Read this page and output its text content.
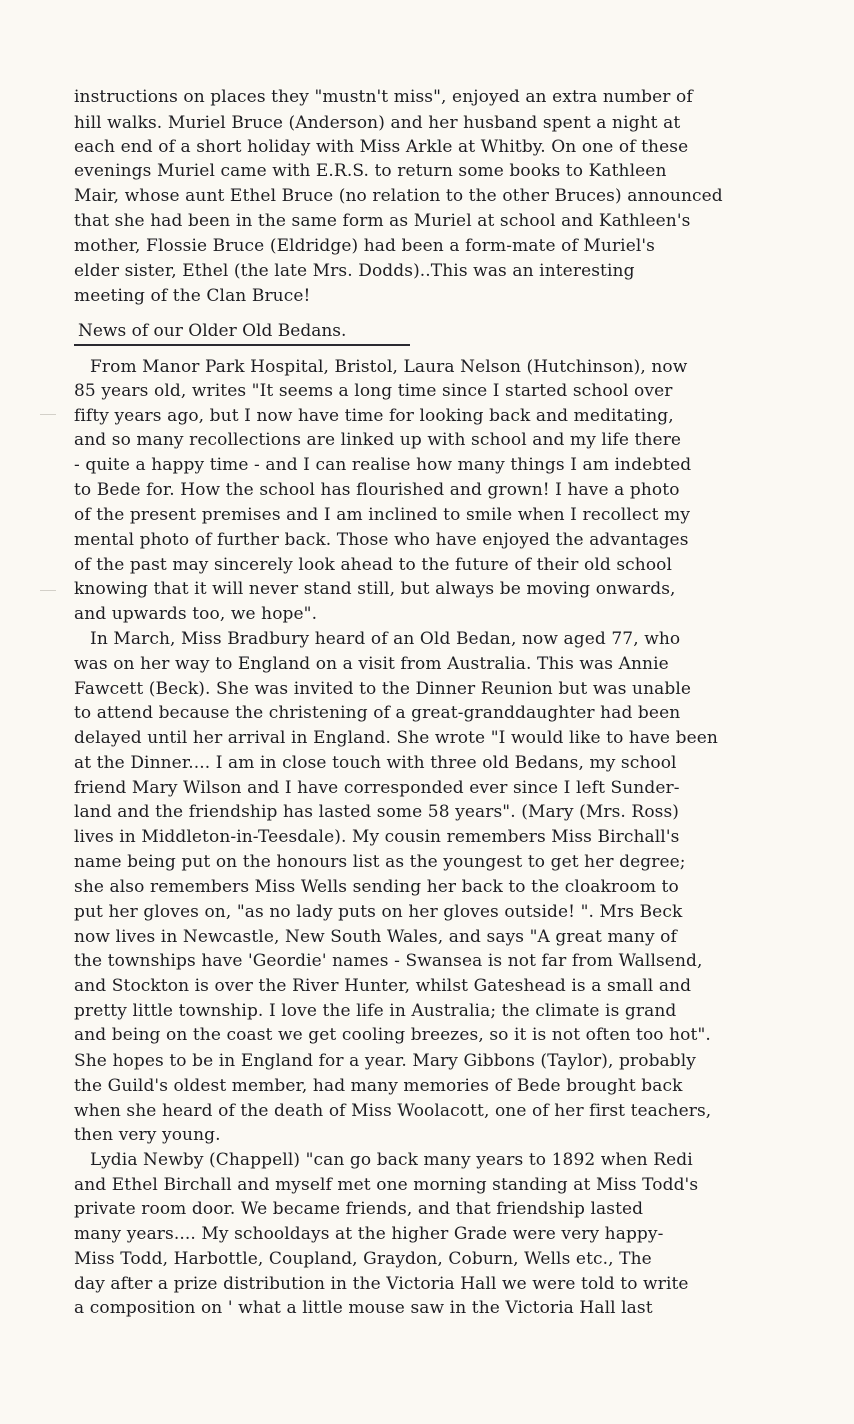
instructions on places they "mustn't miss", enjoyed an extra number of
hill walks. Muriel Bruce (Anderson) and her husband spent a night at
each end of a short holiday with Miss Arkle at Whitby. On one of these
evenings Muriel came with E.R.S. to return some books to Kathleen
Mair, whose aunt Ethel Bruce (no relation to the other Bruces) announced
that she had been in the same form as Muriel at school and Kathleen's
mother, Flossie Bruce (Eldridge) had been a form-mate of Muriel's
elder sister, Ethel (the late Mrs. Dodds)..This was an interesting
meeting of the Clan Bruce!
News of our Older Old Bedans.
From Manor Park Hospital, Bristol, Laura Nelson (Hutchinson), now
85 years old, writes "It seems a long time since I started school over
fifty years ago, but I now have time for looking back and meditating,
and so many recollections are linked up with school and my life there
- quite a happy time - and I can realise how many things I am indebted
to Bede for. How the school has flourished and grown! I have a photo
of the present premises and I am inclined to smile when I recollect my
mental photo of further back. Those who have enjoyed the advantages
of the past may sincerely look ahead to the future of their old school
knowing that it will never stand still, but always be moving onwards,
and upwards too, we hope".
In March, Miss Bradbury heard of an Old Bedan, now aged 77, who
was on her way to England on a visit from Australia. This was Annie
Fawcett (Beck). She was invited to the Dinner Reunion but was unable
to attend because the christening of a great-granddaughter had been
delayed until her arrival in England. She wrote "I would like to have been
at the Dinner.... I am in close touch with three old Bedans, my school
friend Mary Wilson and I have corresponded ever since I left Sunder-
land and the friendship has lasted some 58 years". (Mary (Mrs. Ross)
lives in Middleton-in-Teesdale). My cousin remembers Miss Birchall's
name being put on the honours list as the youngest to get her degree;
she also remembers Miss Wells sending her back to the cloakroom to
put her gloves on, "as no lady puts on her gloves outside! ". Mrs Beck
now lives in Newcastle, New South Wales, and says "A great many of
the townships have 'Geordie' names - Swansea is not far from Wallsend,
and Stockton is over the River Hunter, whilst Gateshead is a small and
pretty little township. I love the life in Australia; the climate is grand
and being on the coast we get cooling breezes, so it is not often too hot".
She hopes to be in England for a year. Mary Gibbons (Taylor), probably
the Guild's oldest member, had many memories of Bede brought back
when she heard of the death of Miss Woolacott, one of her first teachers,
then very young.
Lydia Newby (Chappell) "can go back many years to 1892 when Redi
and Ethel Birchall and myself met one morning standing at Miss Todd's
private room door. We became friends, and that friendship lasted
many years.... My schooldays at the higher Grade were very happy-
Miss Todd, Harbottle, Coupland, Graydon, Coburn, Wells etc., The
day after a prize distribution in the Victoria Hall we were told to write
a composition on ' what a little mouse saw in the Victoria Hall last
